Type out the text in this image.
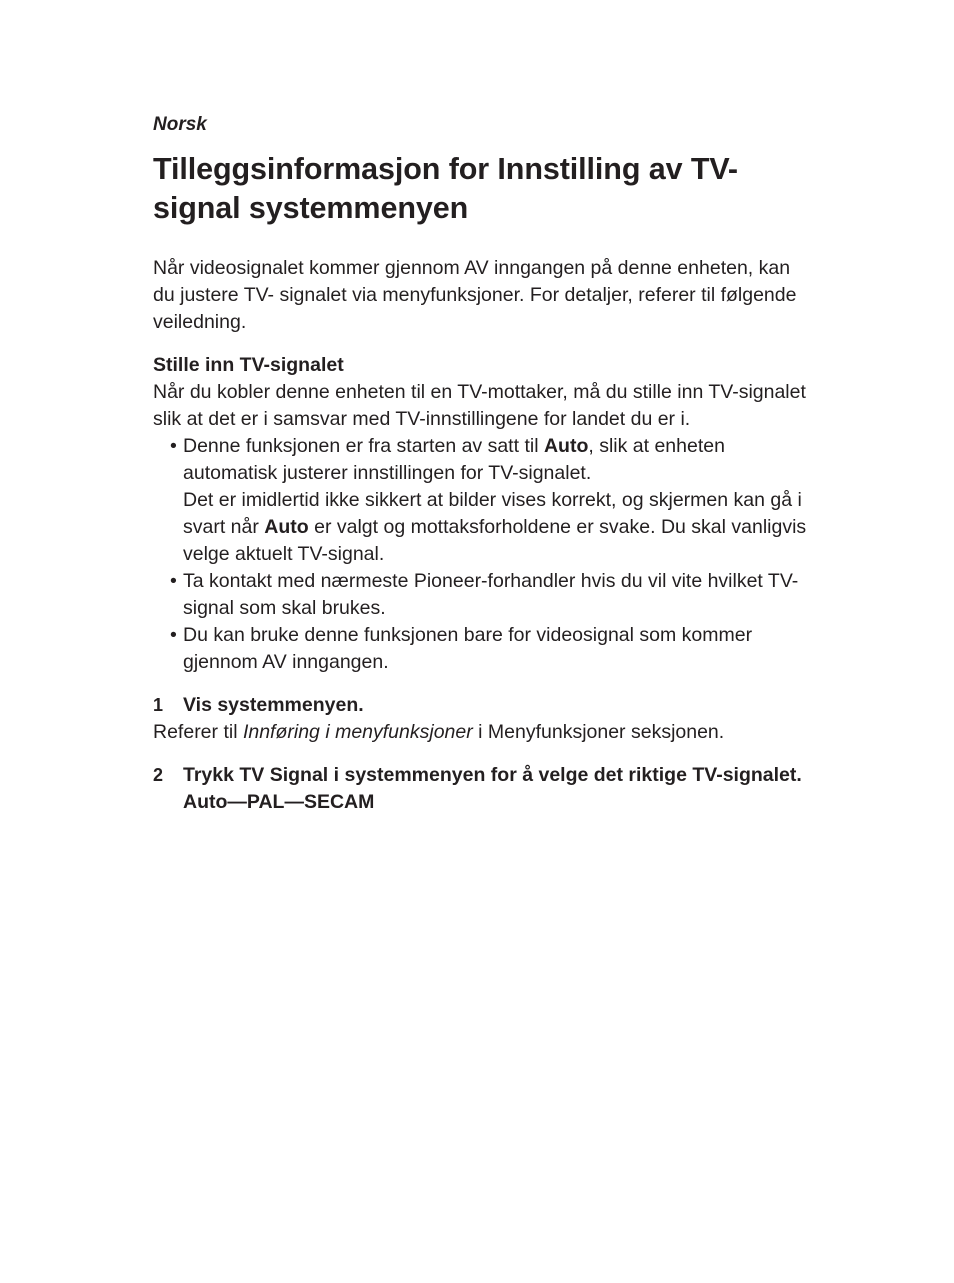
Norsk

Tilleggsinformasjon for Innstilling av TV-signal systemmenyen

Når videosignalet kommer gjennom AV inngangen på denne enheten, kan du justere TV- signalet via menyfunksjoner. For detaljer, referer til følgende veiledning.

Stille inn TV-signalet

Når du kobler denne enheten til en TV-mottaker, må du stille inn TV-signalet slik at det er i samsvar med TV-innstillingene for landet du er i.

• Denne funksjonen er fra starten av satt til Auto, slik at enheten automatisk justerer innstillingen for TV-signalet.
Det er imidlertid ikke sikkert at bilder vises korrekt, og skjermen kan gå i svart når Auto er valgt og mottaksforholdene er svake. Du skal vanligvis velge aktuelt TV-signal.
• Ta kontakt med nærmeste Pioneer-forhandler hvis du vil vite hvilket TV-signal som skal brukes.
• Du kan bruke denne funksjonen bare for videosignal som kommer gjennom AV inngangen.
1 Vis systemmenyen.

Referer til Innføring i menyfunksjoner i Menyfunksjoner seksjonen.

2 Trykk TV Signal i systemmenyen for å velge det riktige TV-signalet.
Auto—PAL—SECAM
